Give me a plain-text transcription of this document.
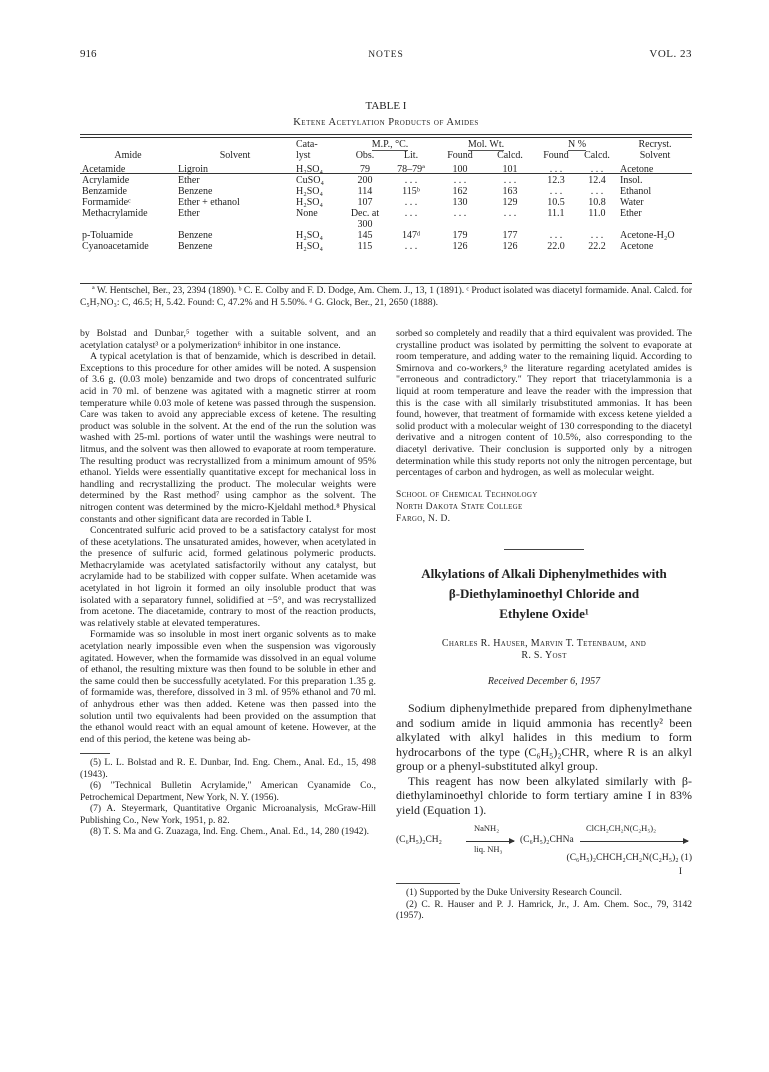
916	NOTES	VOL. 23
TABLE I
Ketene Acetylation Products of Amides
		Cata-	M.P., °C.		Mol. Wt.		N %		Recryst.
Amide	Solvent	lyst	Obs.	Lit.	Found	Calcd.	Found	Calcd.	Solvent
Acetamide	Ligroin	H₂SO₄	79	78–79ª	100	101	. . .	. . .	Acetone
Acrylamide	Ether	CuSO₄	200	. . .	. . .	. . .	12.3	12.4	Insol.
Benzamide	Benzene	H₂SO₄	114	115ᵇ	162	163	. . .	. . .	Ethanol
Formamideᶜ	Ether + ethanol	H₂SO₄	107	. . .	130	129	10.5	10.8	Water
Methacrylamide	Ether	None	Dec. at	. . .	. . .	. . .	11.1	11.0	Ether
			300						
p-Toluamide	Benzene	H₂SO₄	145	147ᵈ	179	177	. . .	. . .	Acetone-H₂O
Cyanoacetamide	Benzene	H₂SO₄	115	. . .	126	126	22.0	22.2	Acetone
ª W. Hentschel, Ber., 23, 2394 (1890). ᵇ C. E. Colby and F. D. Dodge, Am. Chem. J., 13, 1 (1891). ᶜ Product isolated was diacetyl formamide. Anal. Calcd. for C₅H₇NO₃: C, 46.5; H, 5.42. Found: C, 47.2% and H 5.50%. ᵈ G. Glock, Ber., 21, 2650 (1888).

by Bolstad and Dunbar,⁵ together with a suitable solvent, and an acetylation catalyst³ or a polymerization⁶ inhibitor in one instance.

A typical acetylation is that of benzamide, which is described in detail. Exceptions to this procedure for other amides will be noted. A suspension of 3.6 g. (0.03 mole) benzamide and two drops of concentrated sulfuric acid in 70 ml. of benzene was agitated with a magnetic stirrer at room temperature while 0.03 mole of ketene was passed through the suspension. Care was taken to avoid any appreciable excess of ketene. The resulting product was soluble in the solvent. At the end of the run the solution was washed with 25-ml. portions of water until the washings were neutral to litmus, and the solvent was then allowed to evaporate at room temperature. The resulting product was recrystallized from a minimum amount of 95% ethanol. Yields were essentially quantitative except for mechanical loss in handling and recrystallizing the product. The molecular weights were determined by the Rast method⁷ using camphor as the solvent. The nitrogen content was determined by the micro-Kjeldahl method.⁸ Physical constants and other significant data are recorded in Table I.

Concentrated sulfuric acid proved to be a satisfactory catalyst for most of these acetylations. The unsaturated amides, however, when acetylated in the presence of sulfuric acid, formed gelatinous polymeric products. Methacrylamide was acetylated satisfactorily without any catalyst, but acrylamide had to be stabilized with copper sulfate. When acetamide was acetylated in hot ligroin it formed an oily insoluble product that was isolated with a separatory funnel, solidified at −5°, and was recrystallized from acetone. The diacetamide, contrary to most of the reaction products, was relatively stable at elevated temperatures.

Formamide was so insoluble in most inert organic solvents as to make acetylation nearly impossible even when the suspension was vigorously agitated. However, when the formamide was dissolved in an equal volume of ethanol, the resulting mixture was then found to be soluble in ether and the same could then be successfully acetylated. For this preparation 1.35 g. of formamide was, therefore, dissolved in 3 ml. of 95% ethanol and 70 ml. of anhydrous ether was then added. Ketene was then passed into the solution until two equivalents had been provided on the assumption that the ethanol would react with an equal amount of ketene. However, at the end of this period, the ketene was being ab-

(5) L. L. Bolstad and R. E. Dunbar, Ind. Eng. Chem., Anal. Ed., 15, 498 (1943).

(6) "Technical Bulletin Acrylamide," American Cyanamide Co., Petrochemical Department, New York, N. Y. (1956).

(7) A. Steyermark, Quantitative Organic Microanalysis, McGraw-Hill Publishing Co., New York, 1951, p. 82.

(8) T. S. Ma and G. Zuazaga, Ind. Eng. Chem., Anal. Ed., 14, 280 (1942).

sorbed so completely and readily that a third equivalent was provided. The crystalline product was isolated by permitting the solvent to evaporate at room temperature, and adding water to the remaining liquid. According to Smirnova and co-workers,⁹ the literature regarding acetylated amides is "erroneous and contradictory." They report that triacetylammonia is a liquid at room temperature and leave the reader with the impression that this is the case with all similarly trisubstituted ammonias. It has been found, however, that treatment of formamide with excess ketene yielded a solid product with a molecular weight of 130 corresponding to the diacetyl derivative and a nitrogen content of 10.5%, also corresponding to the diacetyl derivative. Their conclusion is supported only by a nitrogen determination while this study reports not only the nitrogen percentage, but percentages of carbon and hydrogen, as well as molecular weight.

School of Chemical Technology
North Dakota State College
Fargo, N. D.
Alkylations of Alkali Diphenylmethides with
β-Diethylaminoethyl Chloride and
Ethylene Oxide¹
Charles R. Hauser, Marvin T. Tetenbaum, and
R. S. Yost
Received December 6, 1957

Sodium diphenylmethide prepared from diphenylmethane and sodium amide in liquid ammonia has recently² been alkylated with alkyl halides in this medium to form hydrocarbons of the type (C₆H₅)₂CHR, where R is an alkyl group or a phenyl-substituted alkyl group.

This reagent has now been alkylated similarly with β-diethylaminoethyl chloride to form tertiary amine I in 83% yield (Equation 1).

(C₆H₅)₂CH₂
NaNH₂
liq. NH₃
(C₆H₅)₂CHNa
ClCH₂CH₂N(C₂H₅)₂
(C₆H₅)₂CHCH₂CH₂N(C₂H₅)₂ (1)
I

(1) Supported by the Duke University Research Council.

(2) C. R. Hauser and P. J. Hamrick, Jr., J. Am. Chem. Soc., 79, 3142 (1957).
